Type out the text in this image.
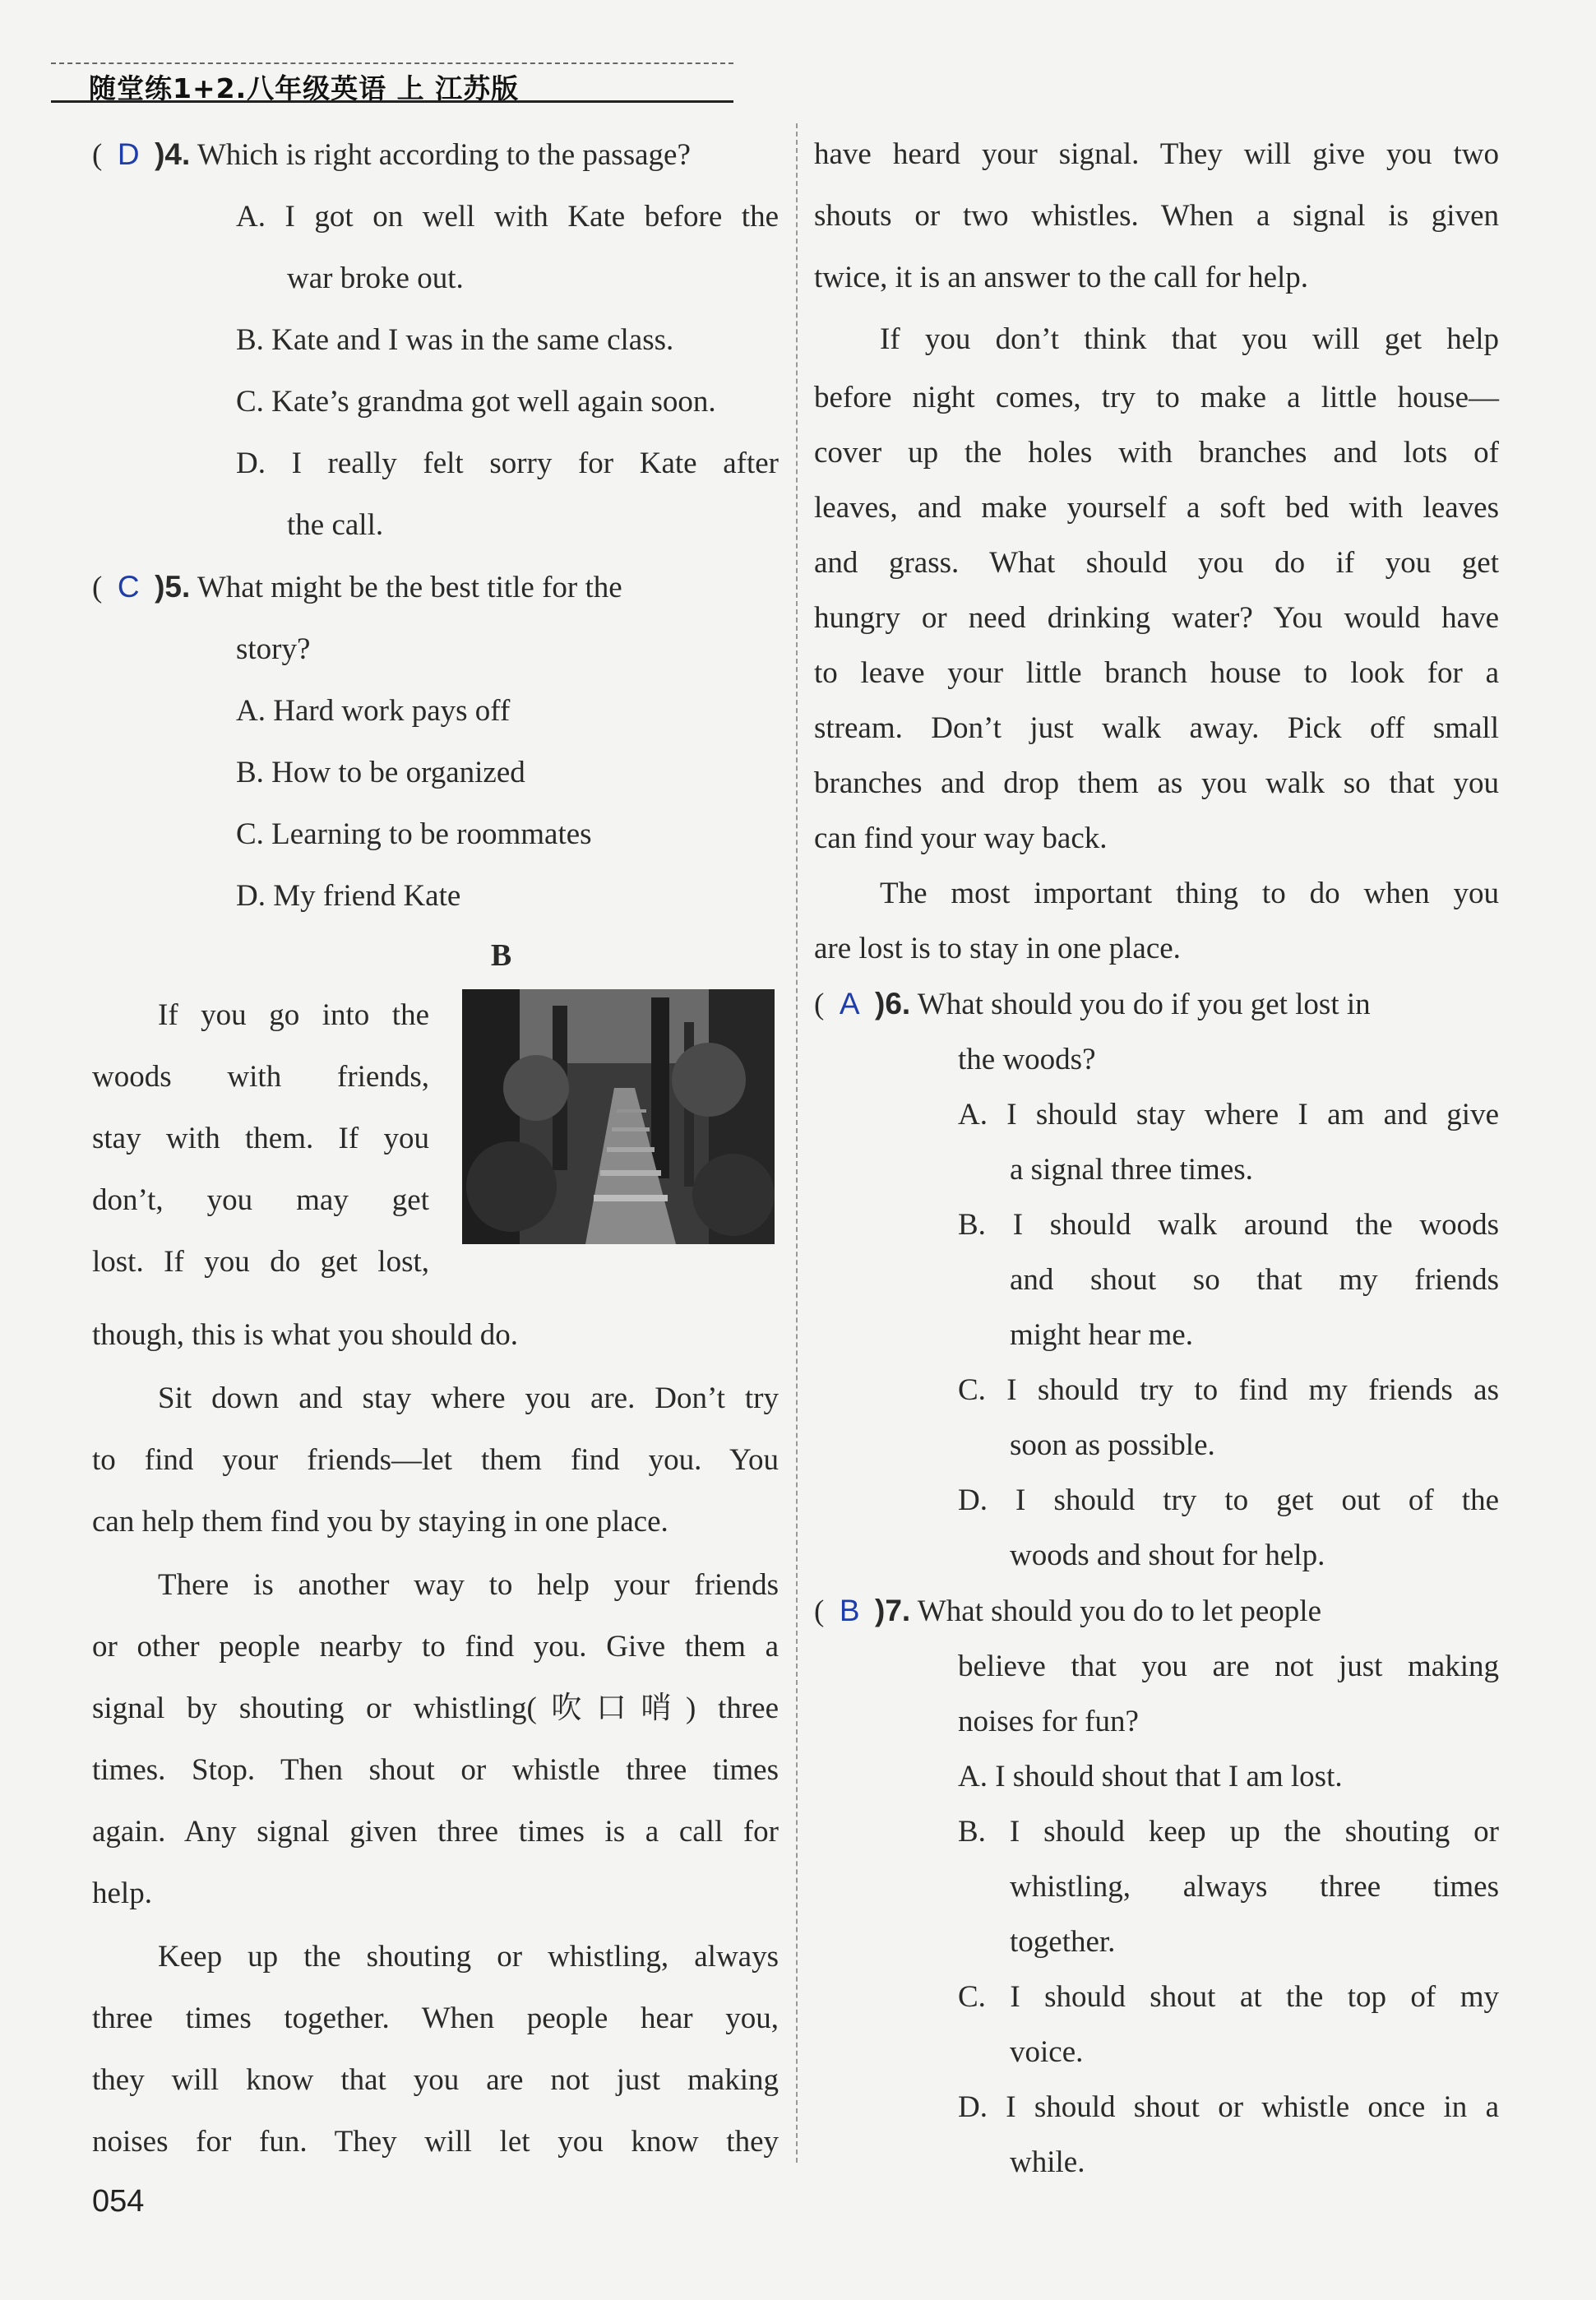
随堂练1+2.八年级英语 上 江苏版
(  D )4. Which is right according to the passage?
A. I got on well with Kate before the
war broke out.
B. Kate and I was in the same class.
C. Kate’s grandma got well again soon.
D. I really felt sorry for Kate after
the call.
(  C )5. What might be the best title for the
story?
A. Hard work pays off
B. How to be organized
C. Learning to be roommates
D. My friend Kate
B
If you go into the
woods with friends,
stay with them. If you
don’t, you may get
lost. If you do get lost,
though, this is what you should do.
Sit down and stay where you are. Don’t try
to find your friends—let them find you. You
can help them find you by staying in one place.
There is another way to help your friends
or other people nearby to find you. Give them a
signal by shouting or whistling(吹口哨) three
times. Stop. Then shout or whistle three times
again. Any signal given three times is a call for
help.
Keep up the shouting or whistling, always
three times together. When people hear you,
they will know that you are not just making
noises for fun. They will let you know they
have heard your signal. They will give you two
shouts or two whistles. When a signal is given
twice, it is an answer to the call for help.
If you don’t think that you will get help
before night comes, try to make a little house—
cover up the holes with branches and lots of
leaves, and make yourself a soft bed with leaves
and grass. What should you do if you get
hungry or need drinking water? You would have
to leave your little branch house to look for a
stream. Don’t just walk away. Pick off small
branches and drop them as you walk so that you
can find your way back.
The most important thing to do when you
are lost is to stay in one place.
(  A )6. What should you do if you get lost in
the woods?
A. I should stay where I am and give
a signal three times.
B. I should walk around the woods
and shout so that my friends
might hear me.
C. I should try to find my friends as
soon as possible.
D. I should try to get out of the
woods and shout for help.
(  B )7. What should you do to let people
believe that you are not just making
noises for fun?
A. I should shout that I am lost.
B. I should keep up the shouting or
whistling, always three times
together.
C. I should shout at the top of my
voice.
D. I should shout or whistle once in a
while.
054
